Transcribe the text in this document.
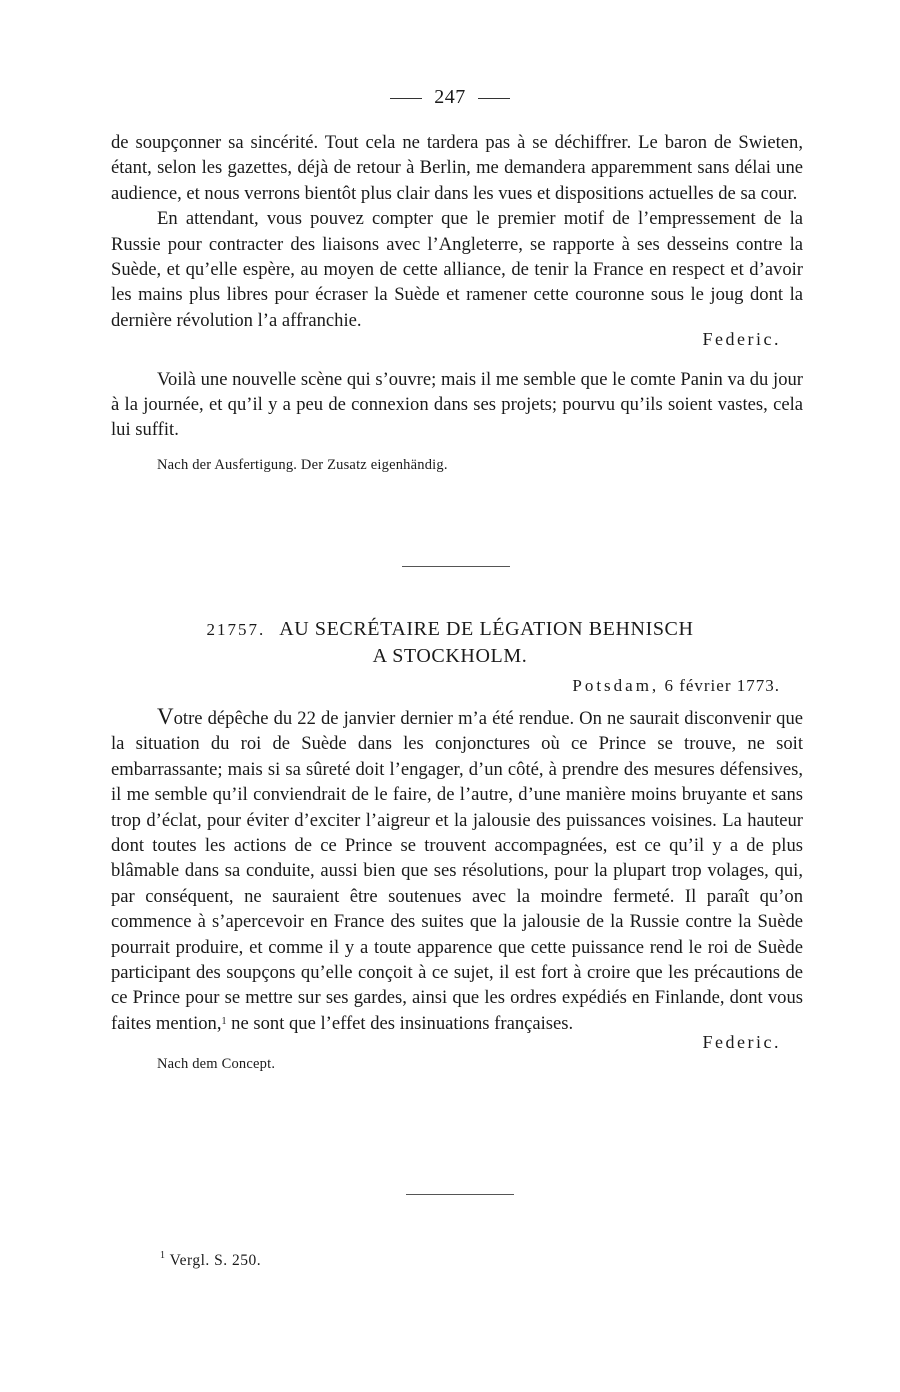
247

de soupçonner sa sincérité. Tout cela ne tardera pas à se déchiffrer. Le baron de Swieten, étant, selon les gazettes, déjà de retour à Berlin, me demandera apparemment sans délai une audience, et nous verrons bientôt plus clair dans les vues et dispositions actuelles de sa cour.

En attendant, vous pouvez compter que le premier motif de l’empressement de la Russie pour contracter des liaisons avec l’Angleterre, se rapporte à ses desseins contre la Suède, et qu’elle espère, au moyen de cette alliance, de tenir la France en respect et d’avoir les mains plus libres pour écraser la Suède et ramener cette couronne sous le joug dont la dernière révolution l’a affranchie.

Federic.

Voilà une nouvelle scène qui s’ouvre; mais il me semble que le comte Panin va du jour à la journée, et qu’il y a peu de connexion dans ses projets; pourvu qu’ils soient vastes, cela lui suffit.

Nach der Ausfertigung. Der Zusatz eigenhändig.

21757. AU SECRÉTAIRE DE LÉGATION BEHNISCH
A STOCKHOLM.
Potsdam, 6 février 1773.

Votre dépêche du 22 de janvier dernier m’a été rendue. On ne saurait disconvenir que la situation du roi de Suède dans les conjonctures où ce Prince se trouve, ne soit embarrassante; mais si sa sûreté doit l’engager, d’un côté, à prendre des mesures défensives, il me semble qu’il conviendrait de le faire, de l’autre, d’une manière moins bruyante et sans trop d’éclat, pour éviter d’exciter l’aigreur et la jalousie des puissances voisines. La hauteur dont toutes les actions de ce Prince se trouvent accompagnées, est ce qu’il y a de plus blâmable dans sa conduite, aussi bien que ses résolutions, pour la plupart trop volages, qui, par conséquent, ne sauraient être soutenues avec la moindre fermeté. Il paraît qu’on commence à s’apercevoir en France des suites que la jalousie de la Russie contre la Suède pourrait produire, et comme il y a toute apparence que cette puissance rend le roi de Suède participant des soupçons qu’elle conçoit à ce sujet, il est fort à croire que les précautions de ce Prince pour se mettre sur ses gardes, ainsi que les ordres expédiés en Finlande, dont vous faites mention,$^1$ ne sont que l’effet des insinuations françaises.

Federic.

Nach dem Concept.

$^1$ Vergl. S. 250.
